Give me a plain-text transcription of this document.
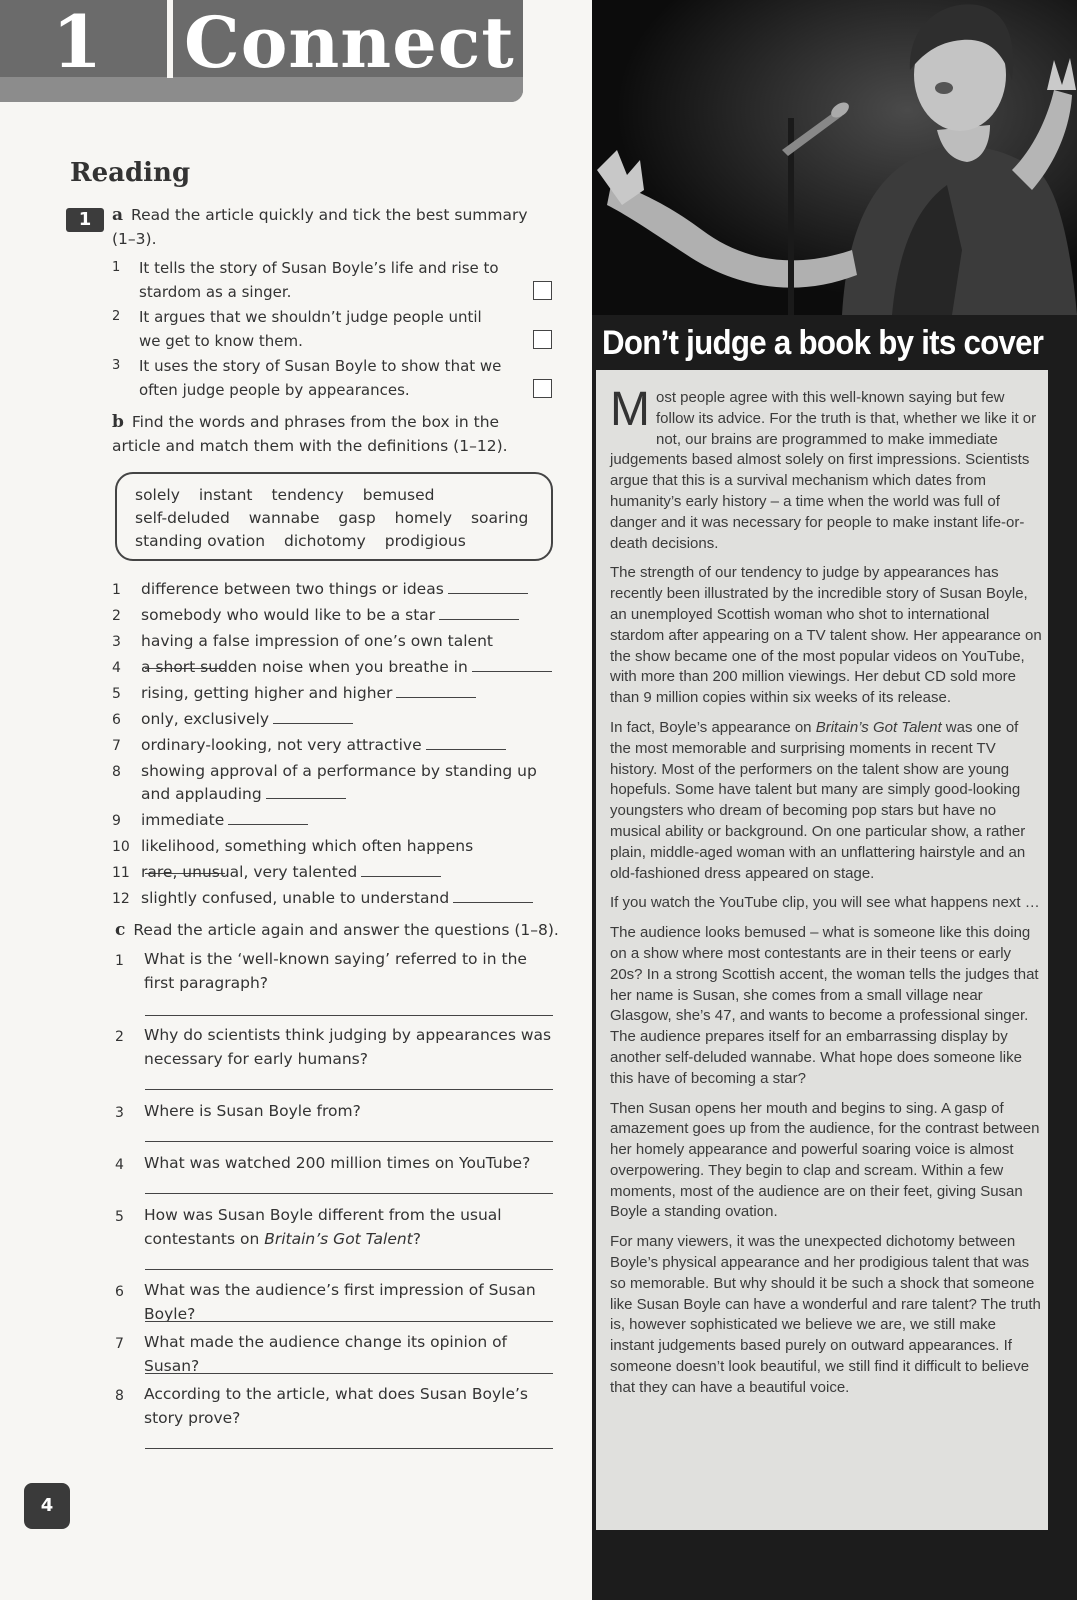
1	Connect
Reading
1	a Read the article quickly and tick the best summary (1–3).
1	It tells the story of Susan Boyle’s life and rise to stardom as a singer.
2	It argues that we shouldn’t judge people until we get to know them.
3	It uses the story of Susan Boyle to show that we often judge people by appearances.
b Find the words and phrases from the box in the article and match them with the definitions (1–12).
solely instant tendency bemused
self-deluded wannabe gasp homely soaring
standing ovation dichotomy prodigious
1	difference between two things or ideas
2	somebody who would like to be a star
3	having a false impression of one’s own talent
4	a short sudden noise when you breathe in
5	rising, getting higher and higher
6	only, exclusively
7	ordinary-looking, not very attractive
8	showing approval of a performance by standing up and applauding
9	immediate
10 likelihood, something which often happens
11 rare, unusual, very talented
12 slightly confused, unable to understand
c Read the article again and answer the questions (1–8).
1	What is the ‘well-known saying’ referred to in the first paragraph?
2	Why do scientists think judging by appearances was necessary for early humans?
3	Where is Susan Boyle from?
4	What was watched 200 million times on YouTube?
5	How was Susan Boyle different from the usual contestants on Britain’s Got Talent?
6	What was the audience’s first impression of Susan Boyle?
7	What made the audience change its opinion of Susan?
8	According to the article, what does Susan Boyle’s story prove?
4
Don’t judge a book by its cover

Most people agree with this well-known saying but few follow its advice. For the truth is that, whether we like it or not, our brains are programmed to make immediate judgements based almost solely on first impressions. Scientists argue that this is a survival mechanism which dates from humanity’s early history – a time when the world was full of danger and it was necessary for people to make instant life-or-death decisions.

The strength of our tendency to judge by appearances has recently been illustrated by the incredible story of Susan Boyle, an unemployed Scottish woman who shot to international stardom after appearing on a TV talent show. Her appearance on the show became one of the most popular videos on YouTube, with more than 200 million viewings. Her debut CD sold more than 9 million copies within six weeks of its release.

In fact, Boyle’s appearance on Britain’s Got Talent was one of the most memorable and surprising moments in recent TV history. Most of the performers on the talent show are young hopefuls. Some have talent but many are simply good-looking youngsters who dream of becoming pop stars but have no musical ability or background. On one particular show, a rather plain, middle-aged woman with an unflattering hairstyle and an old-fashioned dress appeared on stage.

If you watch the YouTube clip, you will see what happens next …

The audience looks bemused – what is someone like this doing on a show where most contestants are in their teens or early 20s? In a strong Scottish accent, the woman tells the judges that her name is Susan, she comes from a small village near Glasgow, she’s 47, and wants to become a professional singer. The audience prepares itself for an embarrassing display by another self-deluded wannabe. What hope does someone like this have of becoming a star?

Then Susan opens her mouth and begins to sing. A gasp of amazement goes up from the audience, for the contrast between her homely appearance and powerful soaring voice is almost overpowering. They begin to clap and scream. Within a few moments, most of the audience are on their feet, giving Susan Boyle a standing ovation.

For many viewers, it was the unexpected dichotomy between Boyle’s physical appearance and her prodigious talent that was so memorable. But why should it be such a shock that someone like Susan Boyle can have a wonderful and rare talent? The truth is, however sophisticated we believe we are, we still make instant judgements based purely on outward appearances. If someone doesn’t look beautiful, we still find it difficult to believe that they can have a beautiful voice.
